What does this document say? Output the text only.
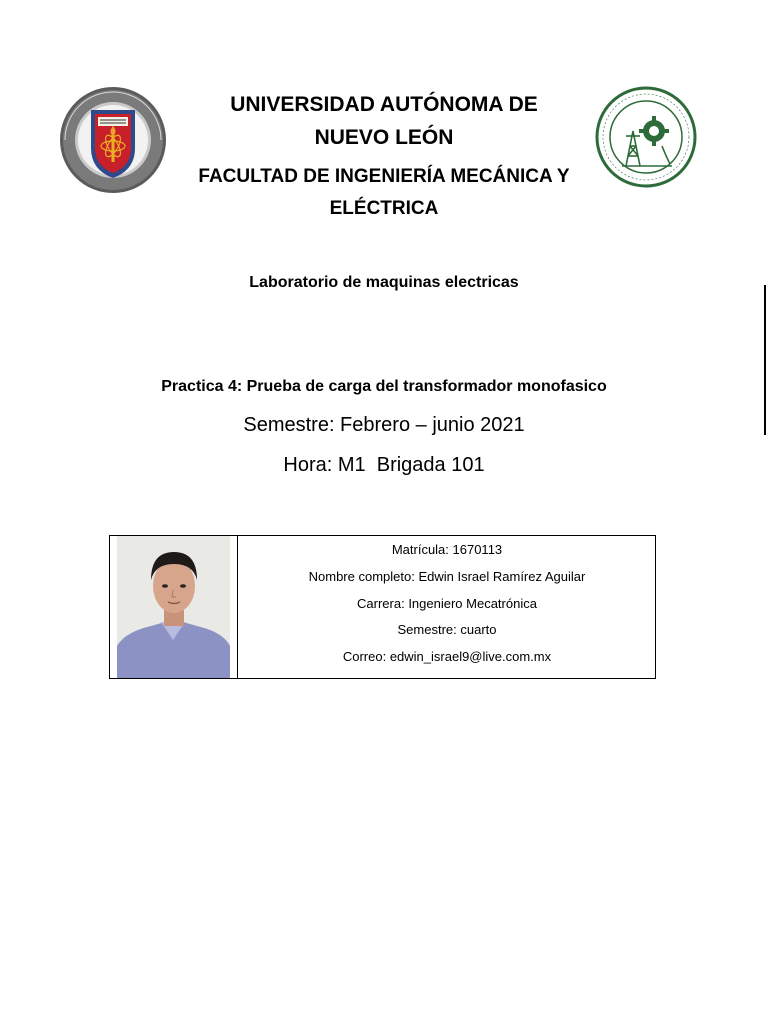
UNIVERSIDAD AUTÓNOMA DE
NUEVO LEÓN
FACULTAD DE INGENIERÍA MECÁNICA Y
ELÉCTRICA
Laboratorio de maquinas electricas
Practica 4: Prueba de carga del transformador monofasico
Semestre: Febrero – junio 2021
Hora: M1  Brigada 101
Matrícula: 1670113
Nombre completo: Edwin Israel Ramírez Aguilar
Carrera: Ingeniero Mecatrónica
Semestre: cuarto
Correo: edwin_israel9@live.com.mx
